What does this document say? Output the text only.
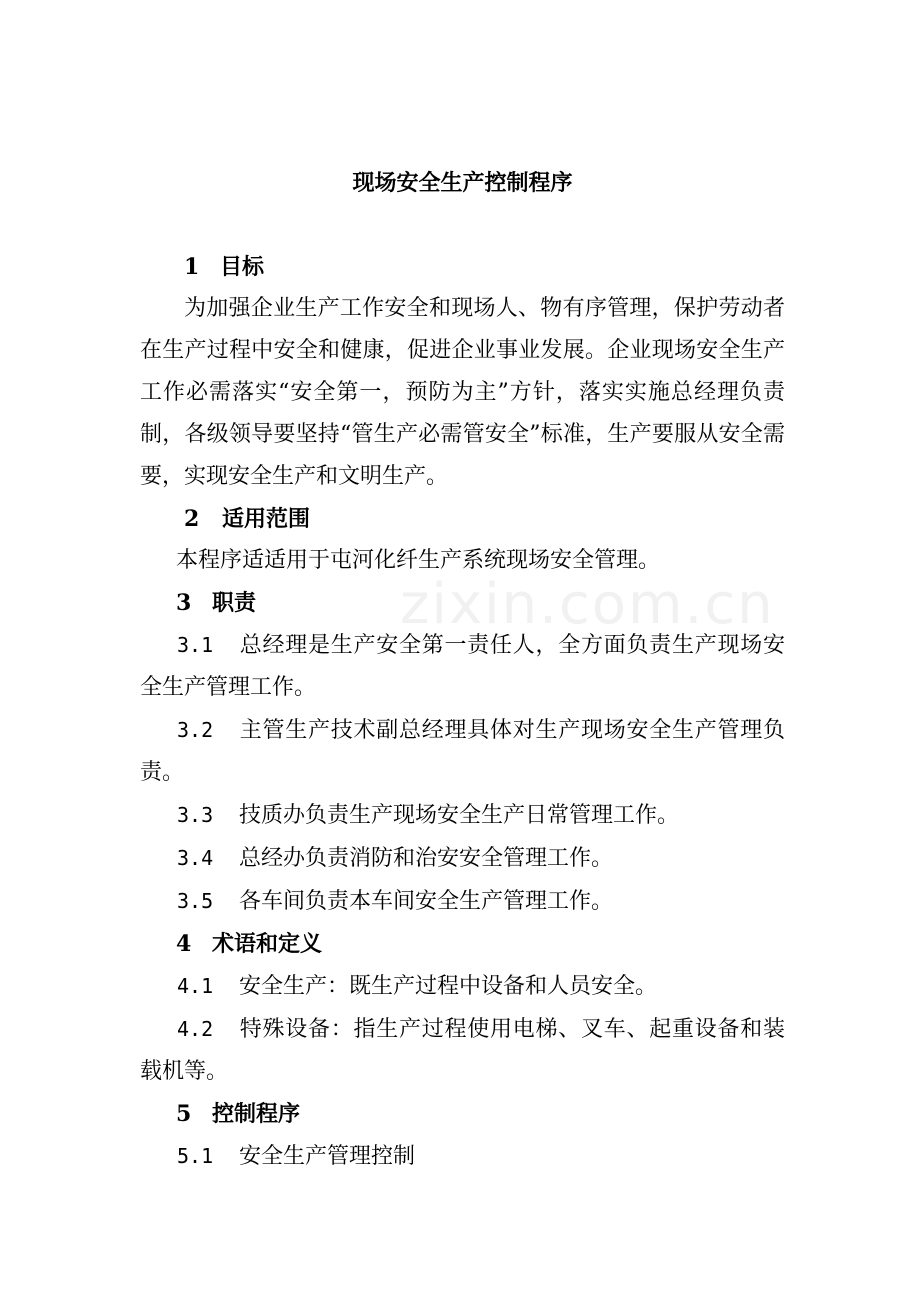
zixin.com.cn
现场安全生产控制程序
1 目标

为加强企业生产工作安全和现场人、物有序管理，保护劳动者在生产过程中安全和健康，促进企业事业发展。企业现场安全生产工作必需落实“安全第一，预防为主”方针，落实实施总经理负责制，各级领导要坚持“管生产必需管安全”标准，生产要服从安全需要，实现安全生产和文明生产。

2 适用范围

本程序适适用于屯河化纤生产系统现场安全管理。

3 职责

3.1 总经理是生产安全第一责任人，全方面负责生产现场安全生产管理工作。

3.2 主管生产技术副总经理具体对生产现场安全生产管理负责。

3.3 技质办负责生产现场安全生产日常管理工作。

3.4 总经办负责消防和治安安全管理工作。

3.5 各车间负责本车间安全生产管理工作。

4 术语和定义

4.1 安全生产：既生产过程中设备和人员安全。

4.2 特殊设备：指生产过程使用电梯、叉车、起重设备和装载机等。

5 控制程序

5.1 安全生产管理控制
